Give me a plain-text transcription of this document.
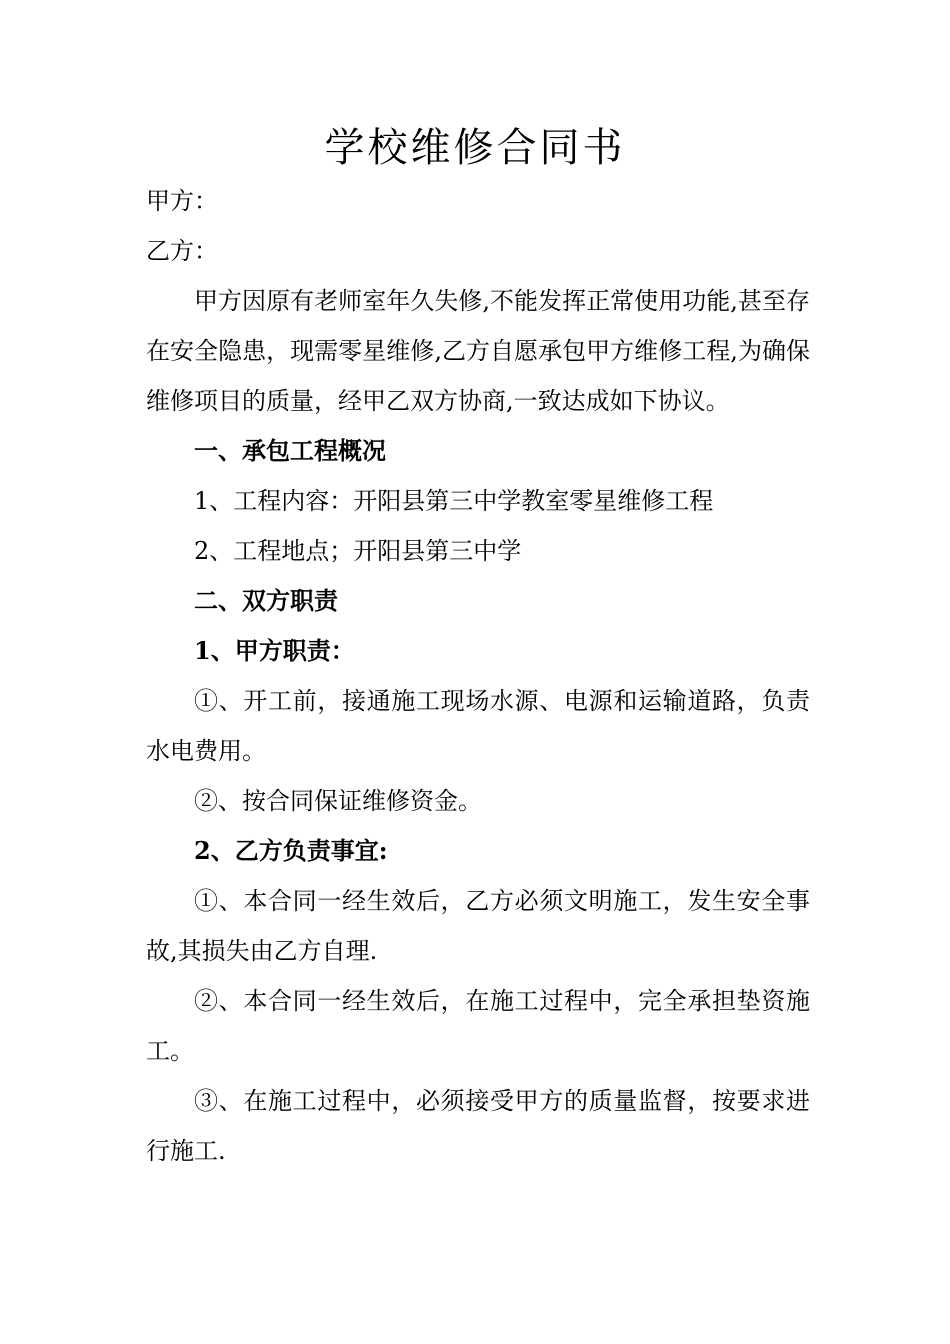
学校维修合同书

甲方：

乙方：

甲方因原有老师室年久失修,不能发挥正常使用功能,甚至存在安全隐患，现需零星维修,乙方自愿承包甲方维修工程,为确保维修项目的质量，经甲乙双方协商,一致达成如下协议。

一、承包工程概况

1、工程内容：开阳县第三中学教室零星维修工程

2、工程地点；开阳县第三中学

二、双方职责

1、甲方职责：

①、开工前，接通施工现场水源、电源和运输道路，负责水电费用。

②、按合同保证维修资金。

2、乙方负责事宜:

①、本合同一经生效后，乙方必须文明施工，发生安全事故,其损失由乙方自理.

②、本合同一经生效后，在施工过程中，完全承担垫资施工。

③、在施工过程中，必须接受甲方的质量监督，按要求进行施工.
